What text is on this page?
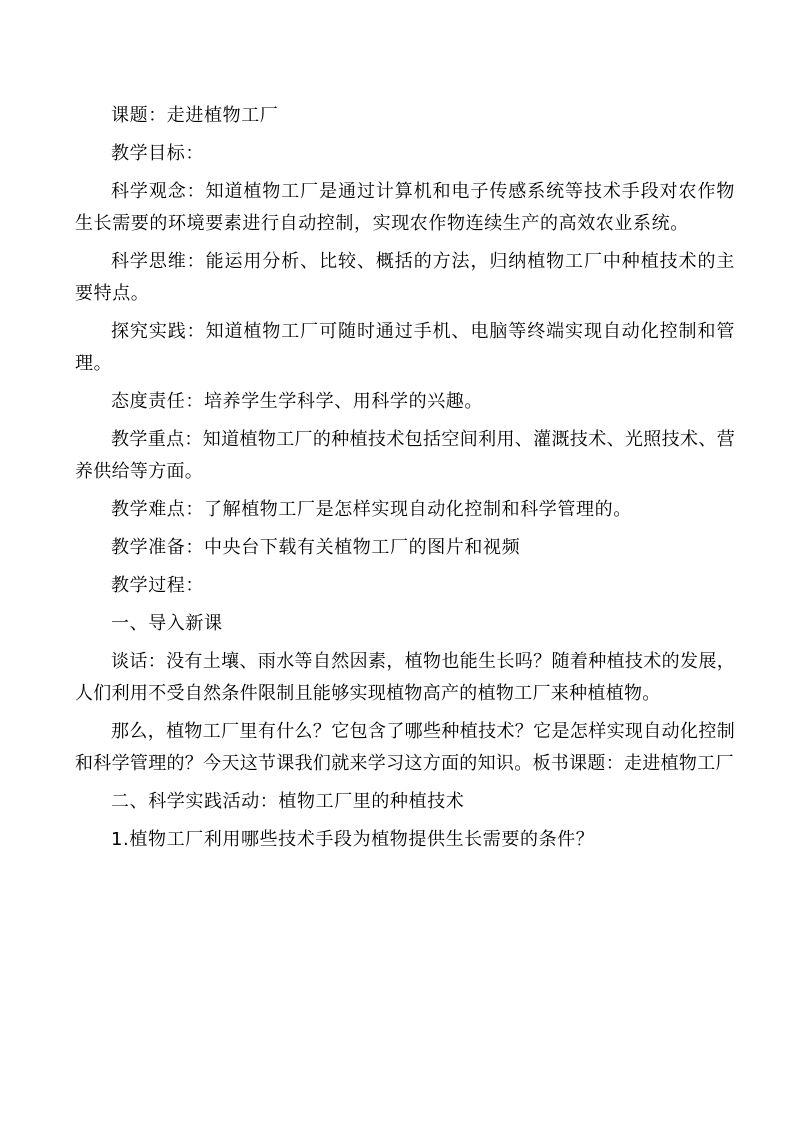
课题：走进植物工厂

教学目标：

科学观念：知道植物工厂是通过计算机和电子传感系统等技术手段对农作物生长需要的环境要素进行自动控制，实现农作物连续生产的高效农业系统。

科学思维：能运用分析、比较、概括的方法，归纳植物工厂中种植技术的主要特点。

探究实践：知道植物工厂可随时通过手机、电脑等终端实现自动化控制和管理。

态度责任：培养学生学科学、用科学的兴趣。

教学重点：知道植物工厂的种植技术包括空间利用、灌溉技术、光照技术、营养供给等方面。

教学难点：了解植物工厂是怎样实现自动化控制和科学管理的。

教学准备：中央台下载有关植物工厂的图片和视频

教学过程：

一、导入新课

谈话：没有土壤、雨水等自然因素，植物也能生长吗？随着种植技术的发展，人们利用不受自然条件限制且能够实现植物高产的植物工厂来种植植物。

那么，植物工厂里有什么？它包含了哪些种植技术？它是怎样实现自动化控制和科学管理的？今天这节课我们就来学习这方面的知识。板书课题：走进植物工厂

二、科学实践活动：植物工厂里的种植技术

1.植物工厂利用哪些技术手段为植物提供生长需要的条件？
